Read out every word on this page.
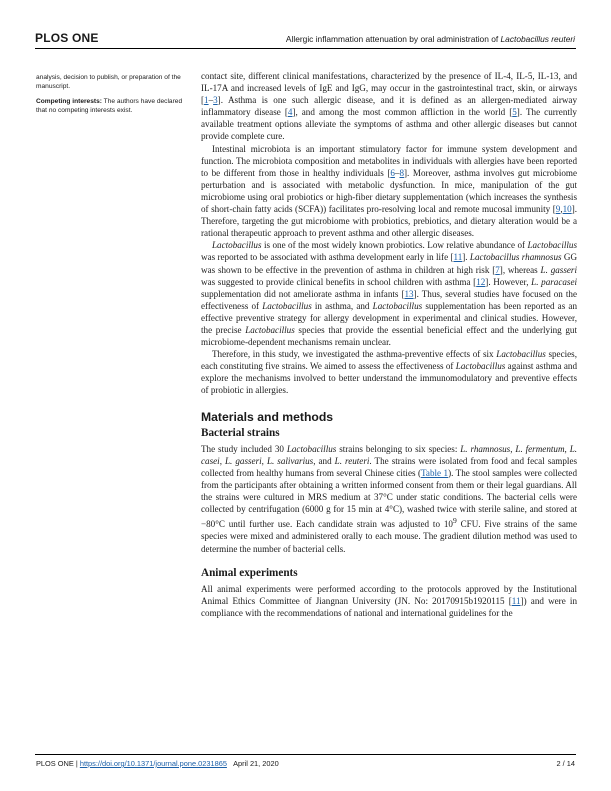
PLOS ONE	Allergic inflammation attenuation by oral administration of Lactobacillus reuteri

analysis, decision to publish, or preparation of the manuscript.

Competing interests: The authors have declared that no competing interests exist.

contact site, different clinical manifestations, characterized by the presence of IL-4, IL-5, IL-13, and IL-17A and increased levels of IgE and IgG, may occur in the gastrointestinal tract, skin, or airways [1–3]. Asthma is one such allergic disease, and it is defined as an allergen-mediated airway inflammatory disease [4], and among the most common affliction in the world [5]. The currently available treatment options alleviate the symptoms of asthma and other allergic diseases but cannot provide complete cure.

Intestinal microbiota is an important stimulatory factor for immune system development and function. The microbiota composition and metabolites in individuals with allergies have been reported to be different from those in healthy individuals [6–8]. Moreover, asthma involves gut microbiome perturbation and is associated with metabolic dysfunction. In mice, manipulation of the gut microbiome using oral probiotics or high-fiber dietary supplementation (which increases the synthesis of short-chain fatty acids (SCFA)) facilitates pro-resolving local and remote mucosal immunity [9,10]. Therefore, targeting the gut microbiome with probiotics, prebiotics, and dietary alteration would be a rational therapeutic approach to prevent asthma and other allergic diseases.

Lactobacillus is one of the most widely known probiotics. Low relative abundance of Lactobacillus was reported to be associated with asthma development early in life [11]. Lactobacillus rhamnosus GG was shown to be effective in the prevention of asthma in children at high risk [7], whereas L. gasseri was suggested to provide clinical benefits in school children with asthma [12]. However, L. paracasei supplementation did not ameliorate asthma in infants [13]. Thus, several studies have focused on the effectiveness of Lactobacillus in asthma, and Lactobacillus supplementation has been reported as an effective preventive strategy for allergy development in experimental and clinical studies. However, the precise Lactobacillus species that provide the essential beneficial effect and the underlying gut microbiome-dependent mechanisms remain unclear.

Therefore, in this study, we investigated the asthma-preventive effects of six Lactobacillus species, each constituting five strains. We aimed to assess the effectiveness of Lactobacillus against asthma and explore the mechanisms involved to better understand the immunomodulatory and preventive effects of probiotic in allergies.

Materials and methods
Bacterial strains

The study included 30 Lactobacillus strains belonging to six species: L. rhamnosus, L. fermentum, L. casei, L. gasseri, L. salivarius, and L. reuteri. The strains were isolated from food and fecal samples collected from healthy humans from several Chinese cities (Table 1). The stool samples were collected from the participants after obtaining a written informed consent from them or their legal guardians. All the strains were cultured in MRS medium at 37°C under static conditions. The bacterial cells were collected by centrifugation (6000 g for 15 min at 4°C), washed twice with sterile saline, and stored at −80°C until further use. Each candidate strain was adjusted to $10^9$ CFU. Five strains of the same species were mixed and administered orally to each mouse. The gradient dilution method was used to determine the number of bacterial cells.

Animal experiments

All animal experiments were performed according to the protocols approved by the Institutional Animal Ethics Committee of Jiangnan University (JN. No: 20170915b1920115 [11]) and were in compliance with the recommendations of national and international guidelines for the

PLOS ONE | https://doi.org/10.1371/journal.pone.0231865 April 21, 2020	2 / 14
